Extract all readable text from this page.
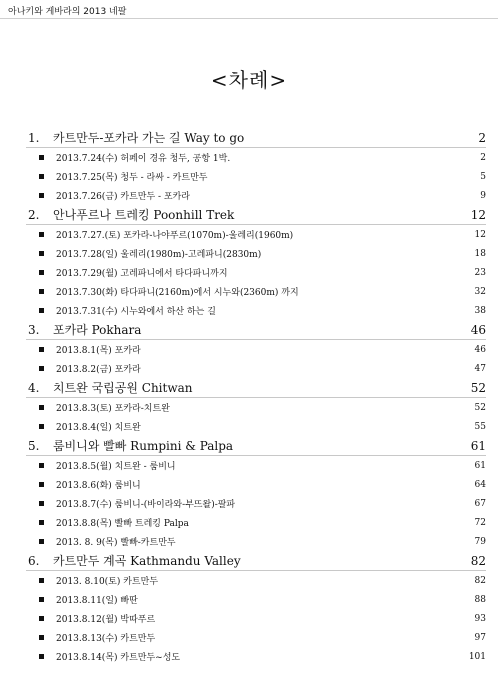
아나키와 게바라의 2013 네팔
<차례>
1.	카트만두-포카라 가는 길 Way to go	2
2013.7.24(수) 허페이 경유 청두, 공항 1박.	2
2013.7.25(목) 청두 - 라싸 - 카트만두	5
2013.7.26(금) 카트만두 - 포카라	9
2.	안나푸르나 트레킹 Poonhill Trek	12
2013.7.27.(토) 포카라-나야푸르(1070m)-울레리(1960m)	12
2013.7.28(일) 울레리(1980m)-고레파니(2830m)	18
2013.7.29(월) 고레파니에서 타다파니까지	23
2013.7.30(화) 타다파니(2160m)에서 시누와(2360m) 까지	32
2013.7.31(수) 시누와에서 하산 하는 길	38
3.	포카라 Pokhara	46
2013.8.1(목) 포카라	46
2013.8.2(금) 포카라	47
4.	치트완 국립공원 Chitwan	52
2013.8.3(토) 포카라-치트완	52
2013.8.4(일) 치트완	55
5.	룸비니와 빨빠 Rumpini & Palpa	61
2013.8.5(월) 치트완 - 룸비니	61
2013.8.6(화) 룸비니	64
2013.8.7(수) 룸비니-(바이라와-부뜨왈)-팔파	67
2013.8.8(목) 빨빠 트레킹 Palpa	72
2013. 8. 9(목) 빨빠-카트만두	79
6.	카트만두 계곡 Kathmandu Valley	82
2013. 8.10(토) 카트만두	82
2013.8.11(일) 빠딴	88
2013.8.12(월) 박따푸르	93
2013.8.13(수) 카트만두	97
2013.8.14(목) 카트만두~성도	101
